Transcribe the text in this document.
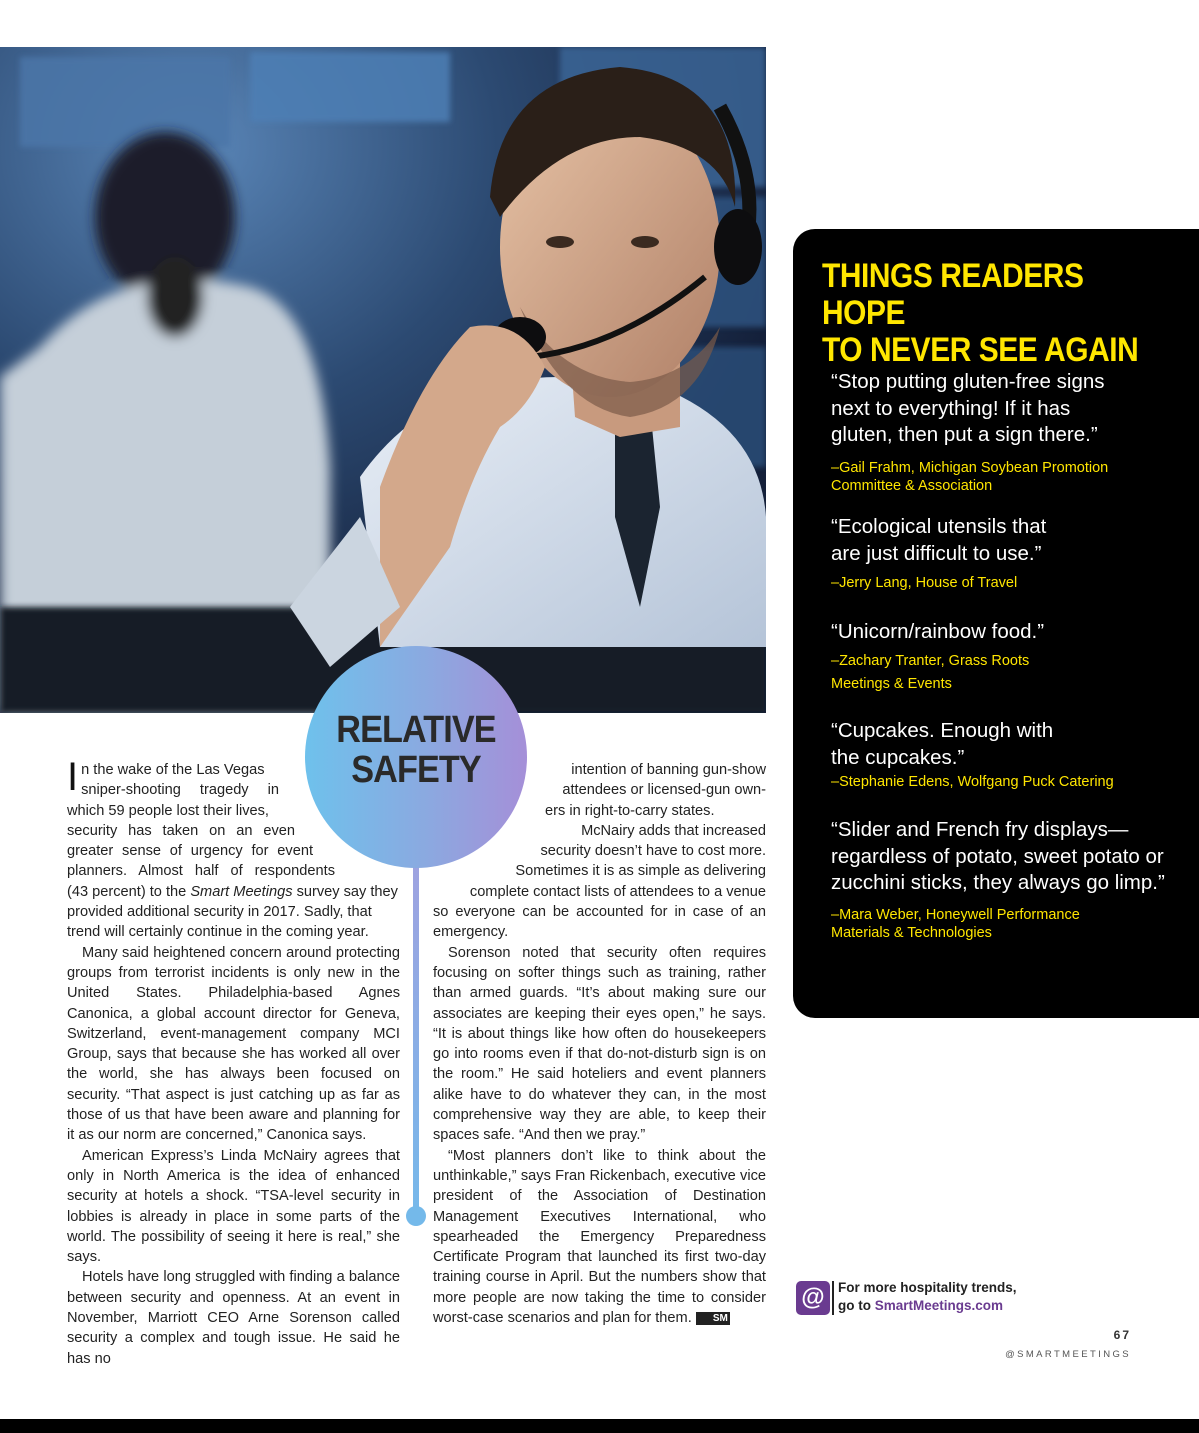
RELATIVE
SAFETY
I n the wake of the Las Vegas
sniper-shooting tragedy in
which 59 people lost their lives,
security has taken on an even
greater sense of urgency for event
planners. Almost half of respondents

(43 percent) to the Smart Meetings survey say they provided additional security in 2017. Sadly, that trend will certainly continue in the coming year.

Many said heightened concern around protecting groups from terrorist incidents is only new in the United States. Philadelphia-based Agnes Canonica, a global account director for Geneva, Switzerland, event-management company MCI Group, says that because she has worked all over the world, she has always been focused on security. “That aspect is just catching up as far as those of us that have been aware and planning for it as our norm are concerned,” Canonica says.

American Express’s Linda McNairy agrees that only in North America is the idea of enhanced security at hotels a shock. “TSA-level security in lobbies is already in place in some parts of the world. The possibility of seeing it here is real,” she says.

Hotels have long struggled with finding a balance between security and openness. At an event in November, Marriott CEO Arne Sorenson called security a complex and tough issue. He said he has no

intention of banning gun-show
attendees or licensed-gun own-
ers in right-to-carry states.
McNairy adds that increased
security doesn’t have to cost more.
Sometimes it is as simple as delivering
complete contact lists of attendees to a venue

so everyone can be accounted for in case of an emergency.

Sorenson noted that security often requires focusing on softer things such as training, rather than armed guards. “It’s about making sure our associates are keeping their eyes open,” he says. “It is about things like how often do housekeepers go into rooms even if that do-not-disturb sign is on the room.” He said hoteliers and event planners alike have to do whatever they can, in the most comprehensive way they are able, to keep their spaces safe. “And then we pray.”

“Most planners don’t like to think about the unthinkable,” says Fran Rickenbach, executive vice president of the Association of Destination Management Executives International, who spearheaded the Emergency Preparedness Certificate Program that launched its first two-day training course in April. But the numbers show that more people are now taking the time to consider worst-case scenarios and plan for them. SM

THINGS READERS HOPE
TO NEVER SEE AGAIN
“Stop putting gluten-free signs
next to everything! If it has
gluten, then put a sign there.”
–Gail Frahm, Michigan Soybean Promotion
Committee & Association
“Ecological utensils that
are just difficult to use.”
–Jerry Lang, House of Travel
“Unicorn/rainbow food.”
–Zachary Tranter, Grass Roots
Meetings & Events
“Cupcakes. Enough with
the cupcakes.”
–Stephanie Edens, Wolfgang Puck Catering
“Slider and French fry displays—
regardless of potato, sweet potato or
zucchini sticks, they always go limp.”
–Mara Weber, Honeywell Performance
Materials & Technologies
@ For more hospitality trends,
go to SmartMeetings.com
67
@SMARTMEETINGS
